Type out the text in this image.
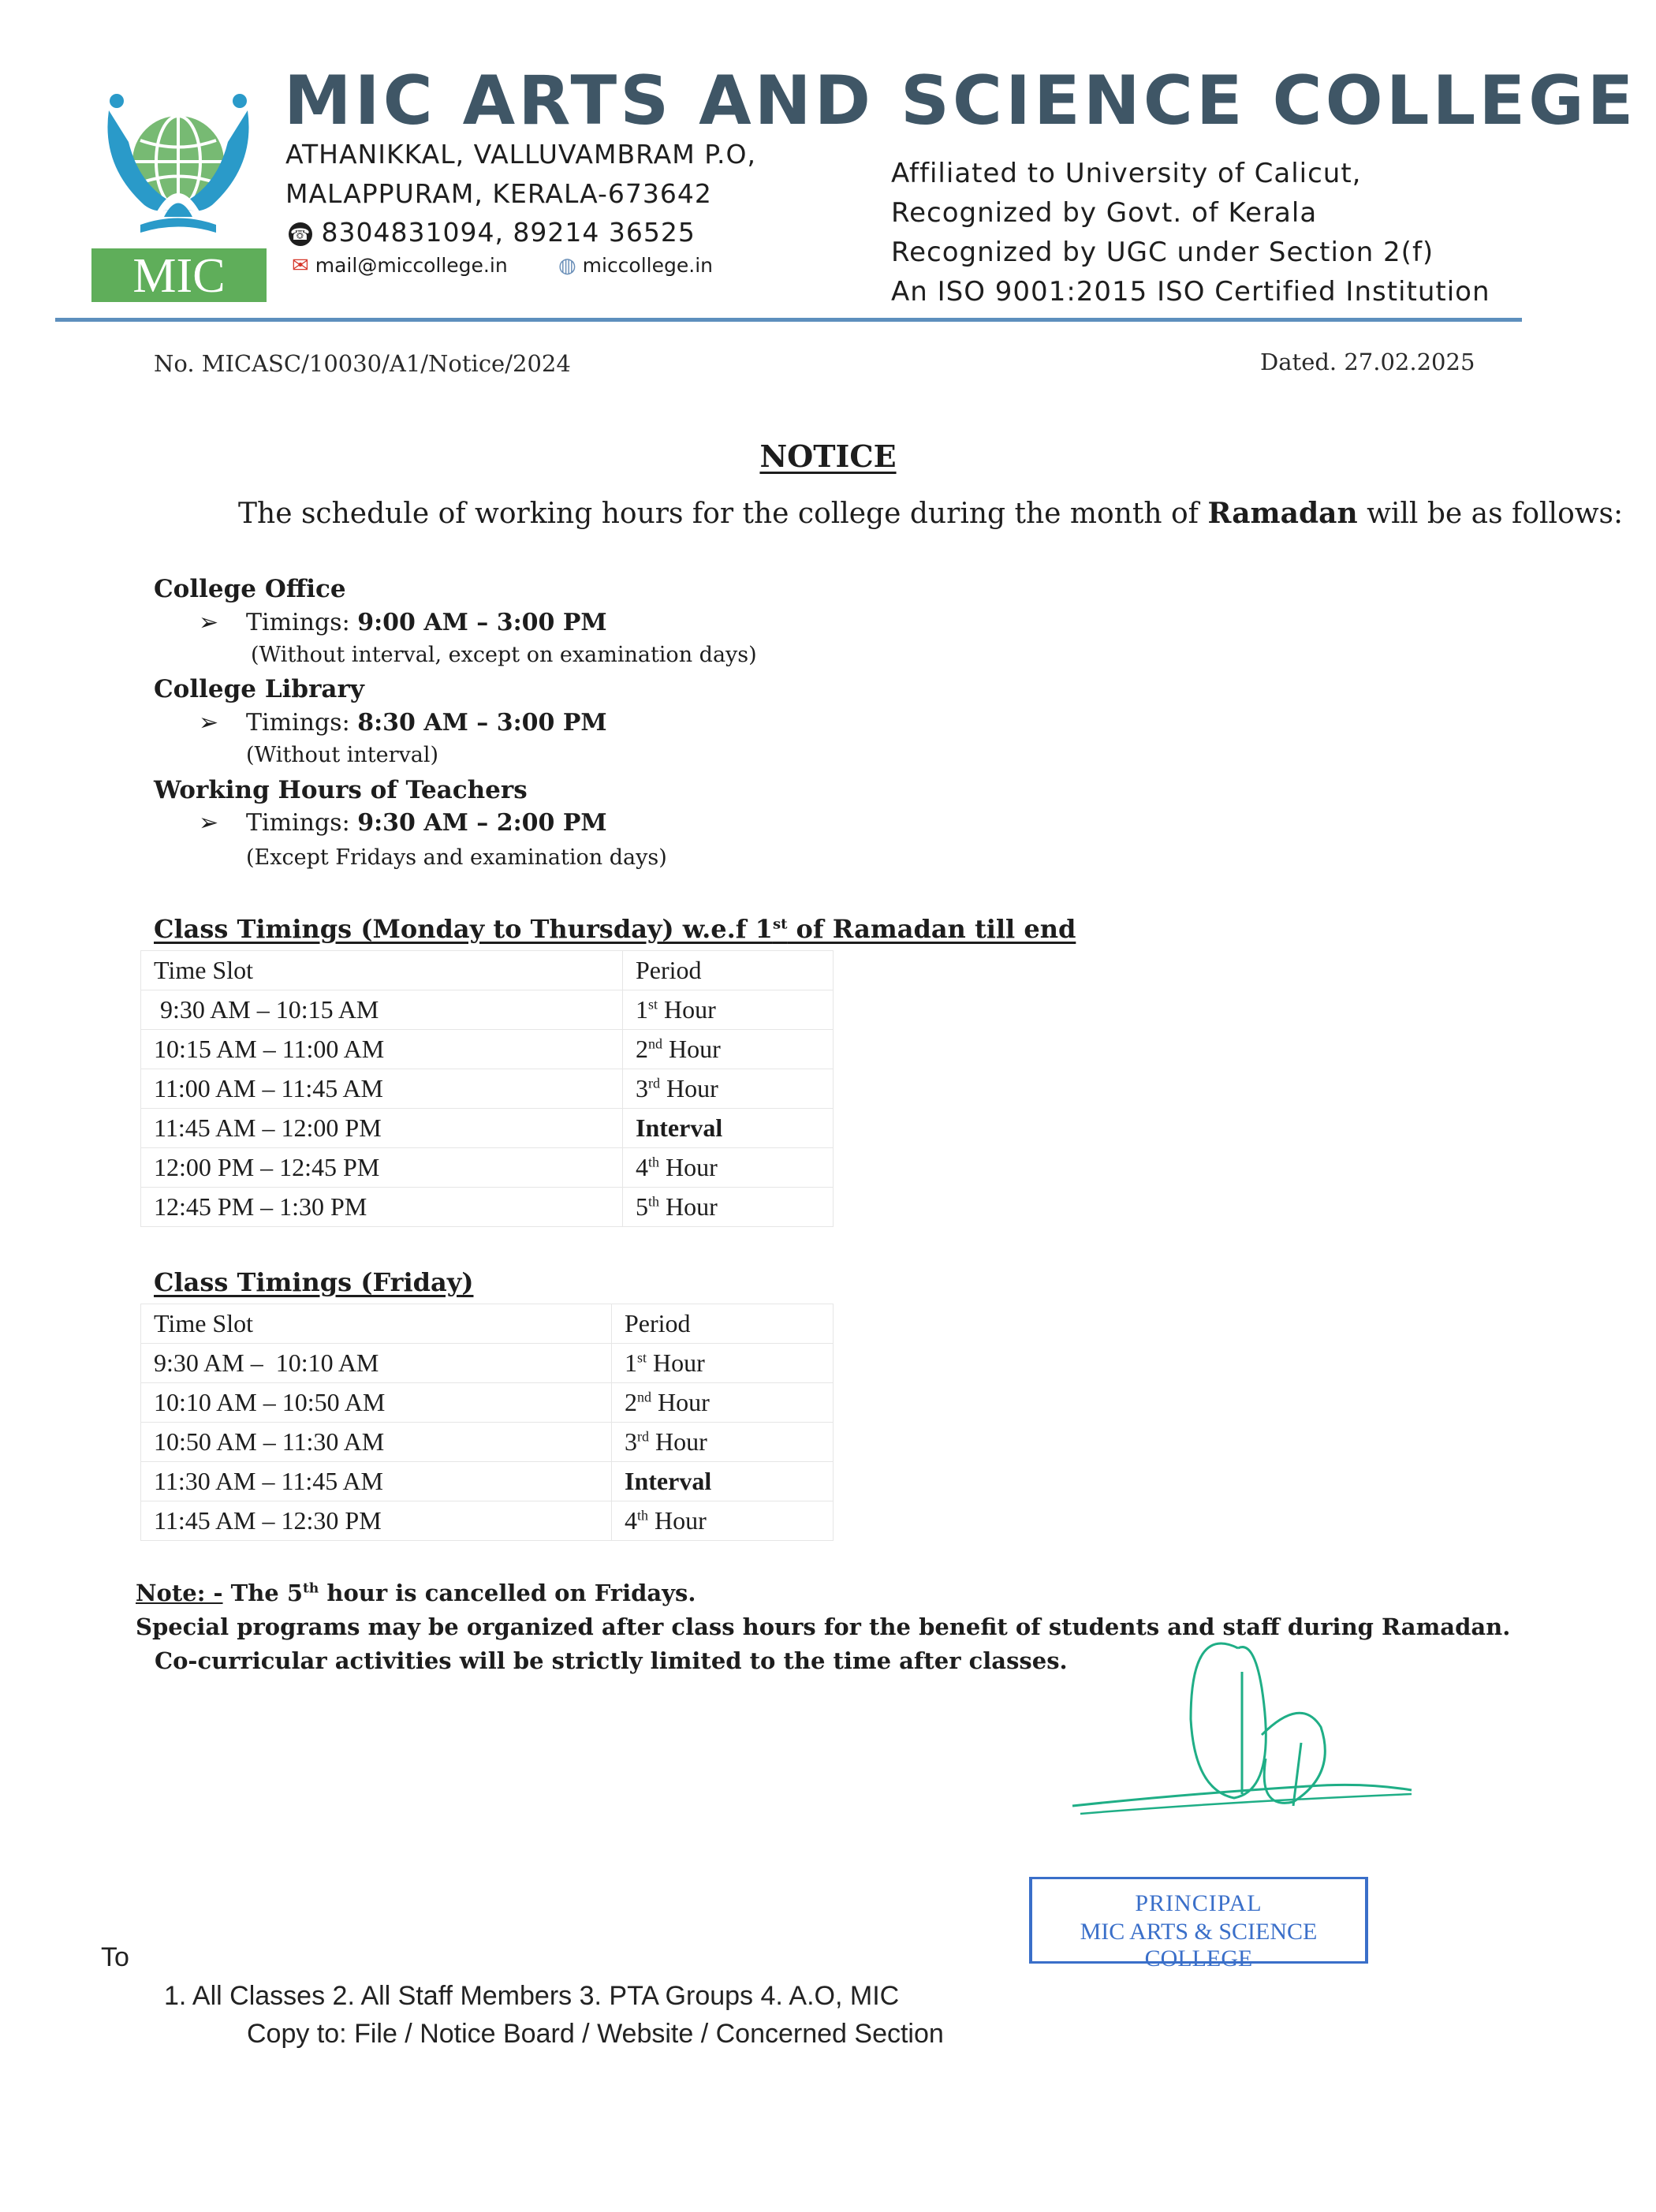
MIC
MIC ARTS AND SCIENCE COLLEGE
ATHANIKKAL, VALLUVAMBRAM P.O,
MALAPPURAM, KERALA-673642
☎ 8304831094, 89214 36525
✉ mail@miccollege.in ◍ miccollege.in
Affiliated to University of Calicut,
Recognized by Govt. of Kerala
Recognized by UGC under Section 2(f)
An ISO 9001:2015 ISO Certified Institution
No. MICASC/10030/A1/Notice/2024	Dated. 27.02.2025
NOTICE
The schedule of working hours for the college during the month of Ramadan will be as follows:
College Office
➢ Timings: 9:00 AM – 3:00 PM
(Without interval, except on examination days)
College Library
➢ Timings: 8:30 AM – 3:00 PM
(Without interval)
Working Hours of Teachers
➢ Timings: 9:30 AM – 2:00 PM
(Except Fridays and examination days)
Class Timings (Monday to Thursday) w.e.f 1st of Ramadan till end
Time Slot	Period
9:30 AM – 10:15 AM	1st Hour
10:15 AM – 11:00 AM	2nd Hour
11:00 AM – 11:45 AM	3rd Hour
11:45 AM – 12:00 PM	Interval
12:00 PM – 12:45 PM	4th Hour
12:45 PM – 1:30 PM	5th Hour
Class Timings (Friday)
Time Slot	Period
9:30 AM –  10:10 AM	1st Hour
10:10 AM – 10:50 AM	2nd Hour
10:50 AM – 11:30 AM	3rd Hour
11:30 AM – 11:45 AM	Interval
11:45 AM – 12:30 PM	4th Hour
Note: - The 5th hour is cancelled on Fridays.
Special programs may be organized after class hours for the benefit of students and staff during Ramadan.
Co-curricular activities will be strictly limited to the time after classes.
PRINCIPAL
MIC ARTS & SCIENCE COLLEGE
To
1. All Classes 2. All Staff Members 3. PTA Groups 4. A.O, MIC
Copy to: File / Notice Board / Website / Concerned Section
